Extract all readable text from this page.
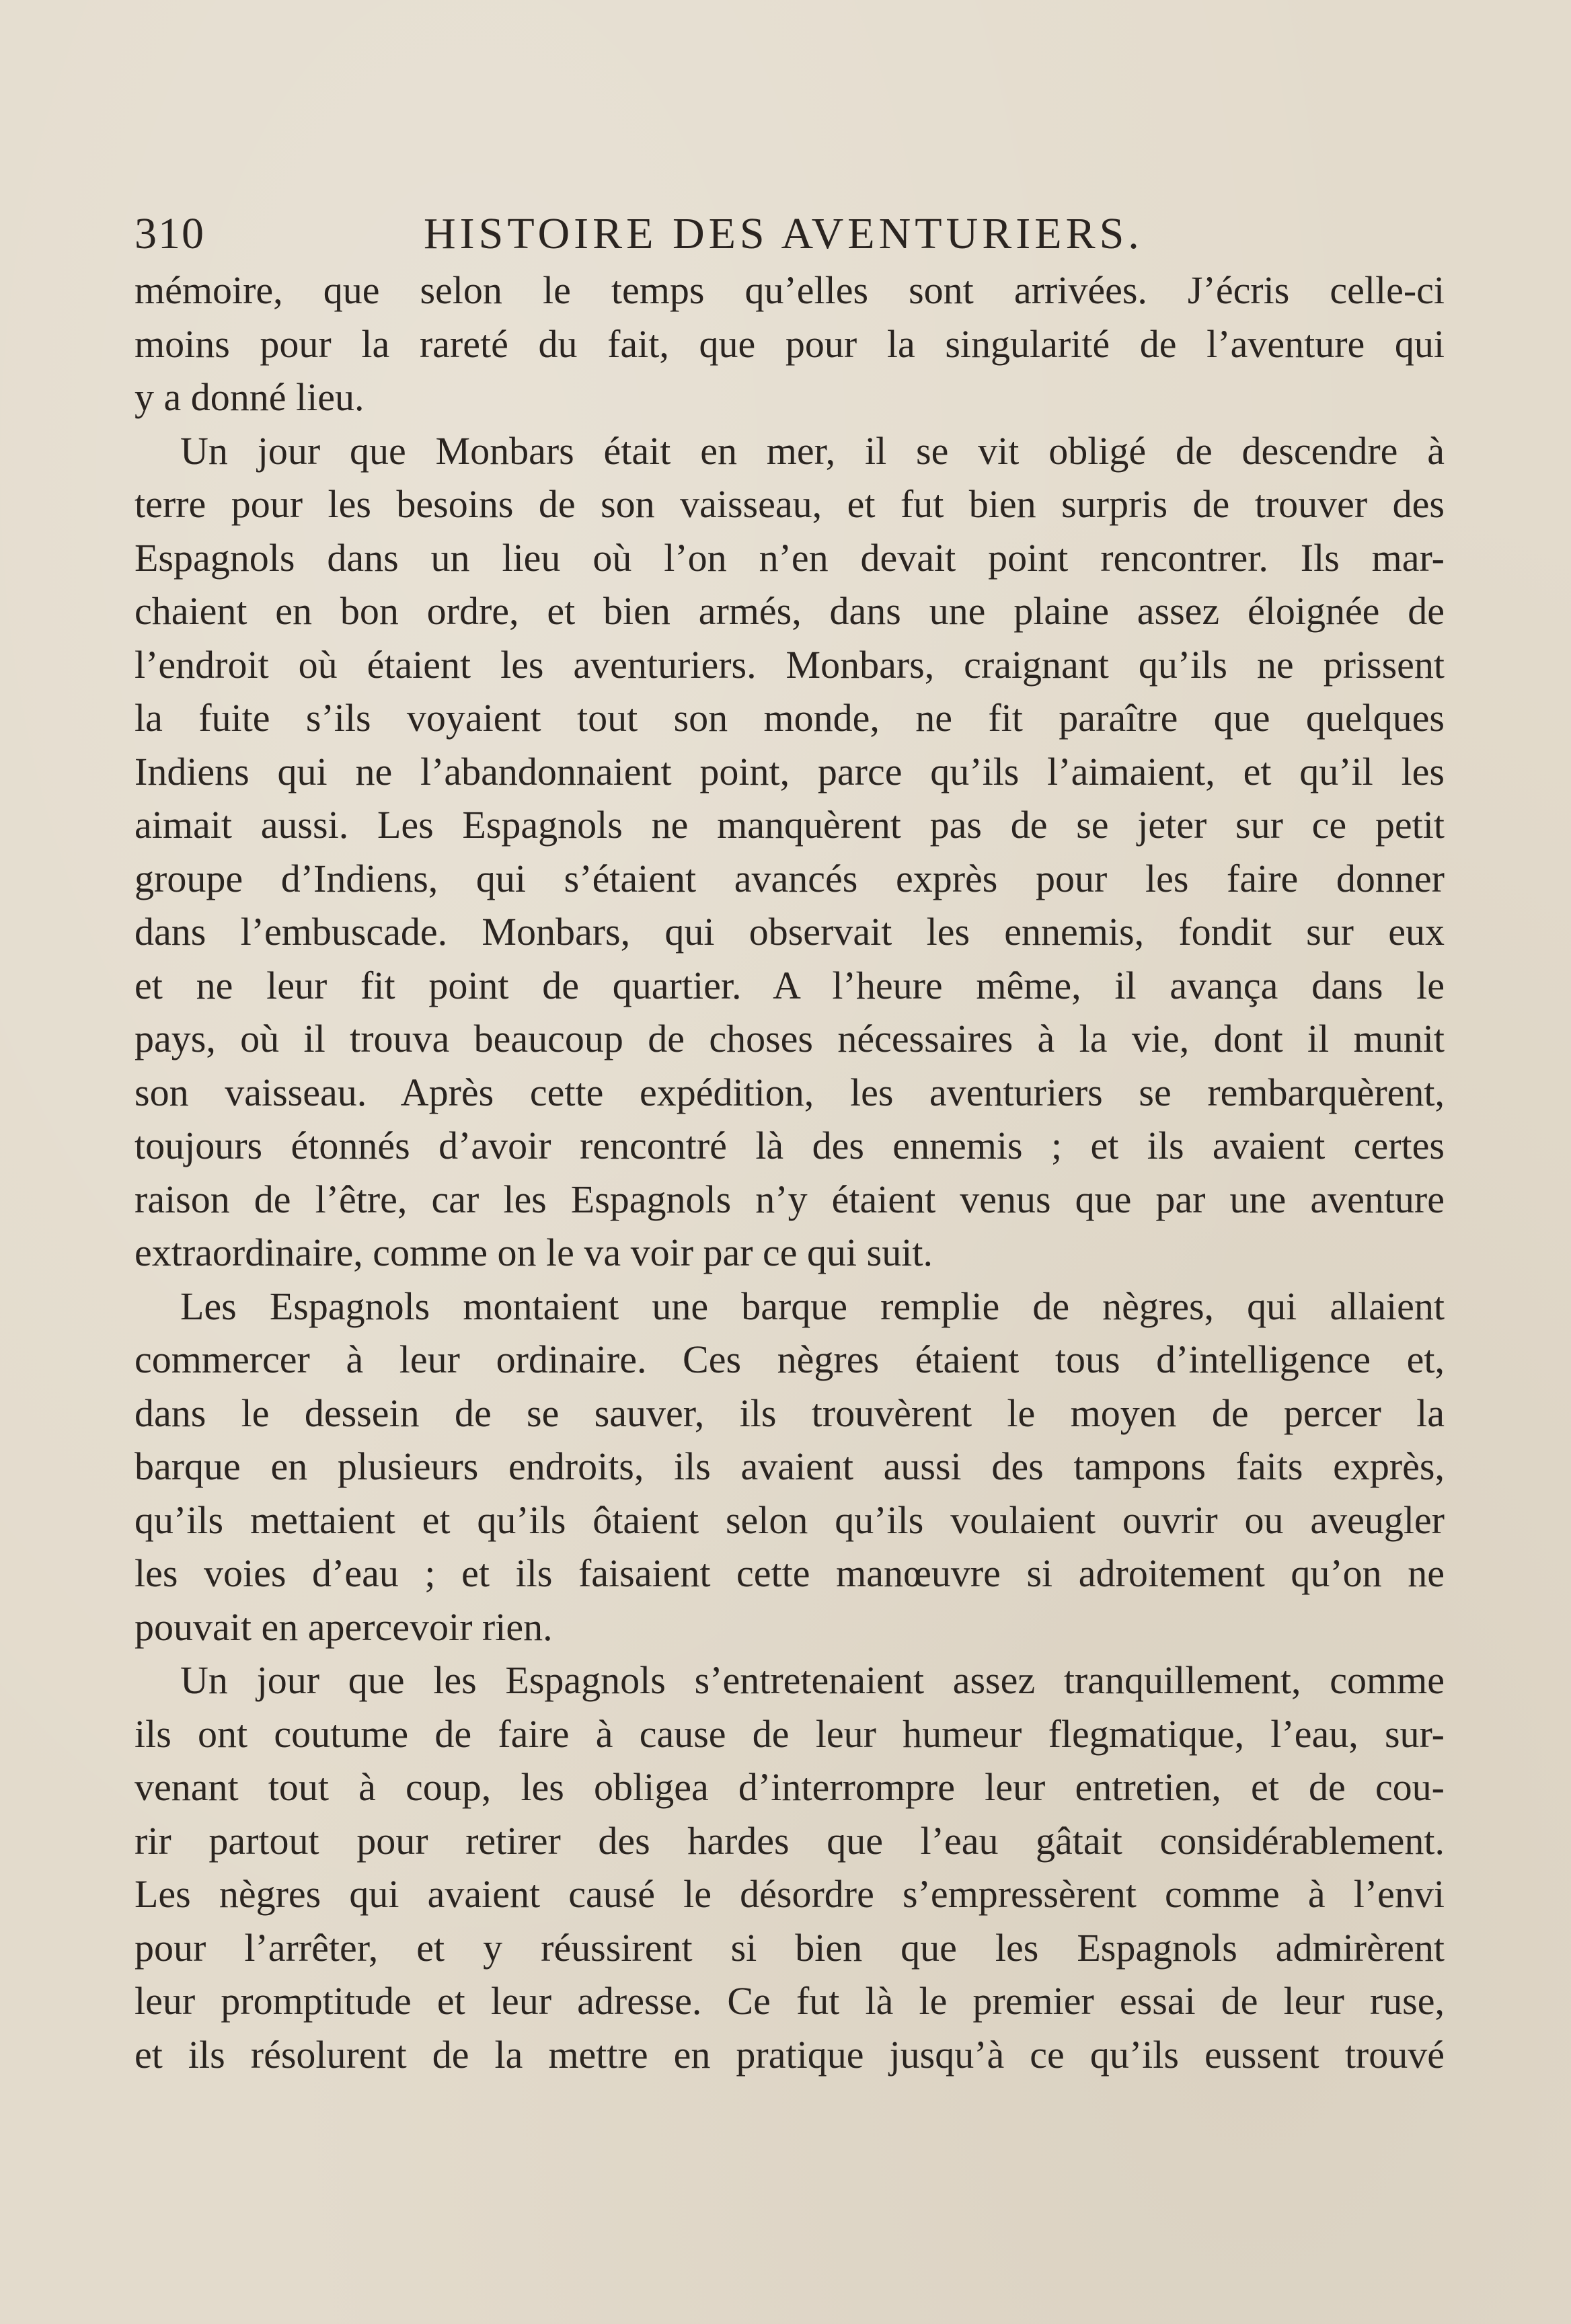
310	HISTOIRE DES AVENTURIERS.
mémoire, que selon le temps qu’elles sont arrivées. J’écris celle-ci
moins pour la rareté du fait, que pour la singularité de l’aventure qui
y a donné lieu.
Un jour que Monbars était en mer, il se vit obligé de descendre à
terre pour les besoins de son vaisseau, et fut bien surpris de trouver des
Espagnols dans un lieu où l’on n’en devait point rencontrer. Ils mar-
chaient en bon ordre, et bien armés, dans une plaine assez éloignée de
l’endroit où étaient les aventuriers. Monbars, craignant qu’ils ne prissent
la fuite s’ils voyaient tout son monde, ne fit paraître que quelques
Indiens qui ne l’abandonnaient point, parce qu’ils l’aimaient, et qu’il les
aimait aussi. Les Espagnols ne manquèrent pas de se jeter sur ce petit
groupe d’Indiens, qui s’étaient avancés exprès pour les faire donner
dans l’embuscade. Monbars, qui observait les ennemis, fondit sur eux
et ne leur fit point de quartier. A l’heure même, il avança dans le
pays, où il trouva beaucoup de choses nécessaires à la vie, dont il munit
son vaisseau. Après cette expédition, les aventuriers se rembarquèrent,
toujours étonnés d’avoir rencontré là des ennemis ; et ils avaient certes
raison de l’être, car les Espagnols n’y étaient venus que par une aventure
extraordinaire, comme on le va voir par ce qui suit.
Les Espagnols montaient une barque remplie de nègres, qui allaient
commercer à leur ordinaire. Ces nègres étaient tous d’intelligence et,
dans le dessein de se sauver, ils trouvèrent le moyen de percer la
barque en plusieurs endroits, ils avaient aussi des tampons faits exprès,
qu’ils mettaient et qu’ils ôtaient selon qu’ils voulaient ouvrir ou aveugler
les voies d’eau ; et ils faisaient cette manœuvre si adroitement qu’on ne
pouvait en apercevoir rien.
Un jour que les Espagnols s’entretenaient assez tranquillement, comme
ils ont coutume de faire à cause de leur humeur flegmatique, l’eau, sur-
venant tout à coup, les obligea d’interrompre leur entretien, et de cou-
rir partout pour retirer des hardes que l’eau gâtait considérablement.
Les nègres qui avaient causé le désordre s’empressèrent comme à l’envi
pour l’arrêter, et y réussirent si bien que les Espagnols admirèrent
leur promptitude et leur adresse. Ce fut là le premier essai de leur ruse,
et ils résolurent de la mettre en pratique jusqu’à ce qu’ils eussent trouvé
